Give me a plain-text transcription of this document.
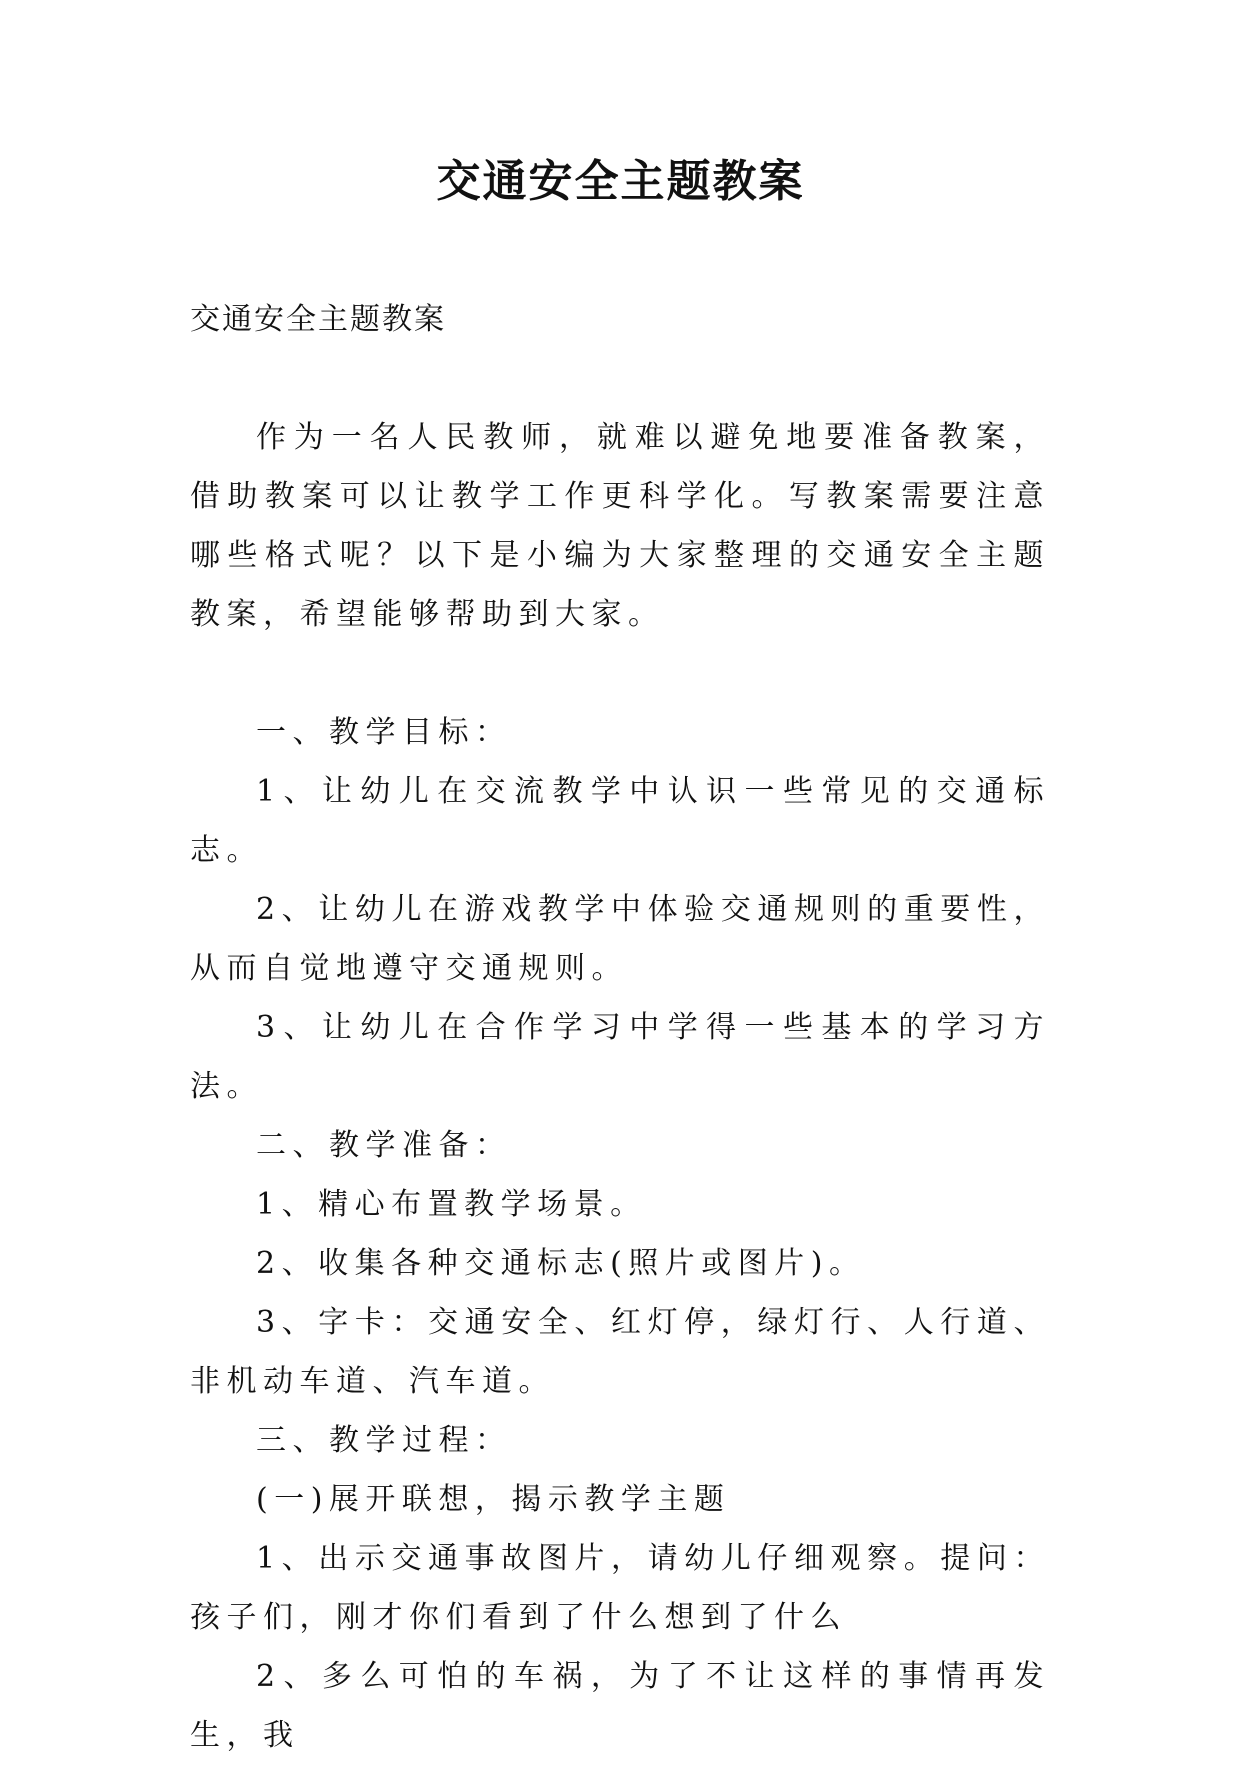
交通安全主题教案

交通安全主题教案

作为一名人民教师，就难以避免地要准备教案，借助教案可以让教学工作更科学化。写教案需要注意哪些格式呢？以下是小编为大家整理的交通安全主题教案，希望能够帮助到大家。

一、教学目标：

1、让幼儿在交流教学中认识一些常见的交通标志。

2、让幼儿在游戏教学中体验交通规则的重要性，从而自觉地遵守交通规则。

3、让幼儿在合作学习中学得一些基本的学习方法。

二、教学准备：

1、精心布置教学场景。

2、收集各种交通标志(照片或图片)。

3、字卡：交通安全、红灯停，绿灯行、人行道、非机动车道、汽车道。

三、教学过程：

(一)展开联想，揭示教学主题

1、出示交通事故图片，请幼儿仔细观察。提问：孩子们，刚才你们看到了什么想到了什么

2、多么可怕的车祸，为了不让这样的事情再发生，我
